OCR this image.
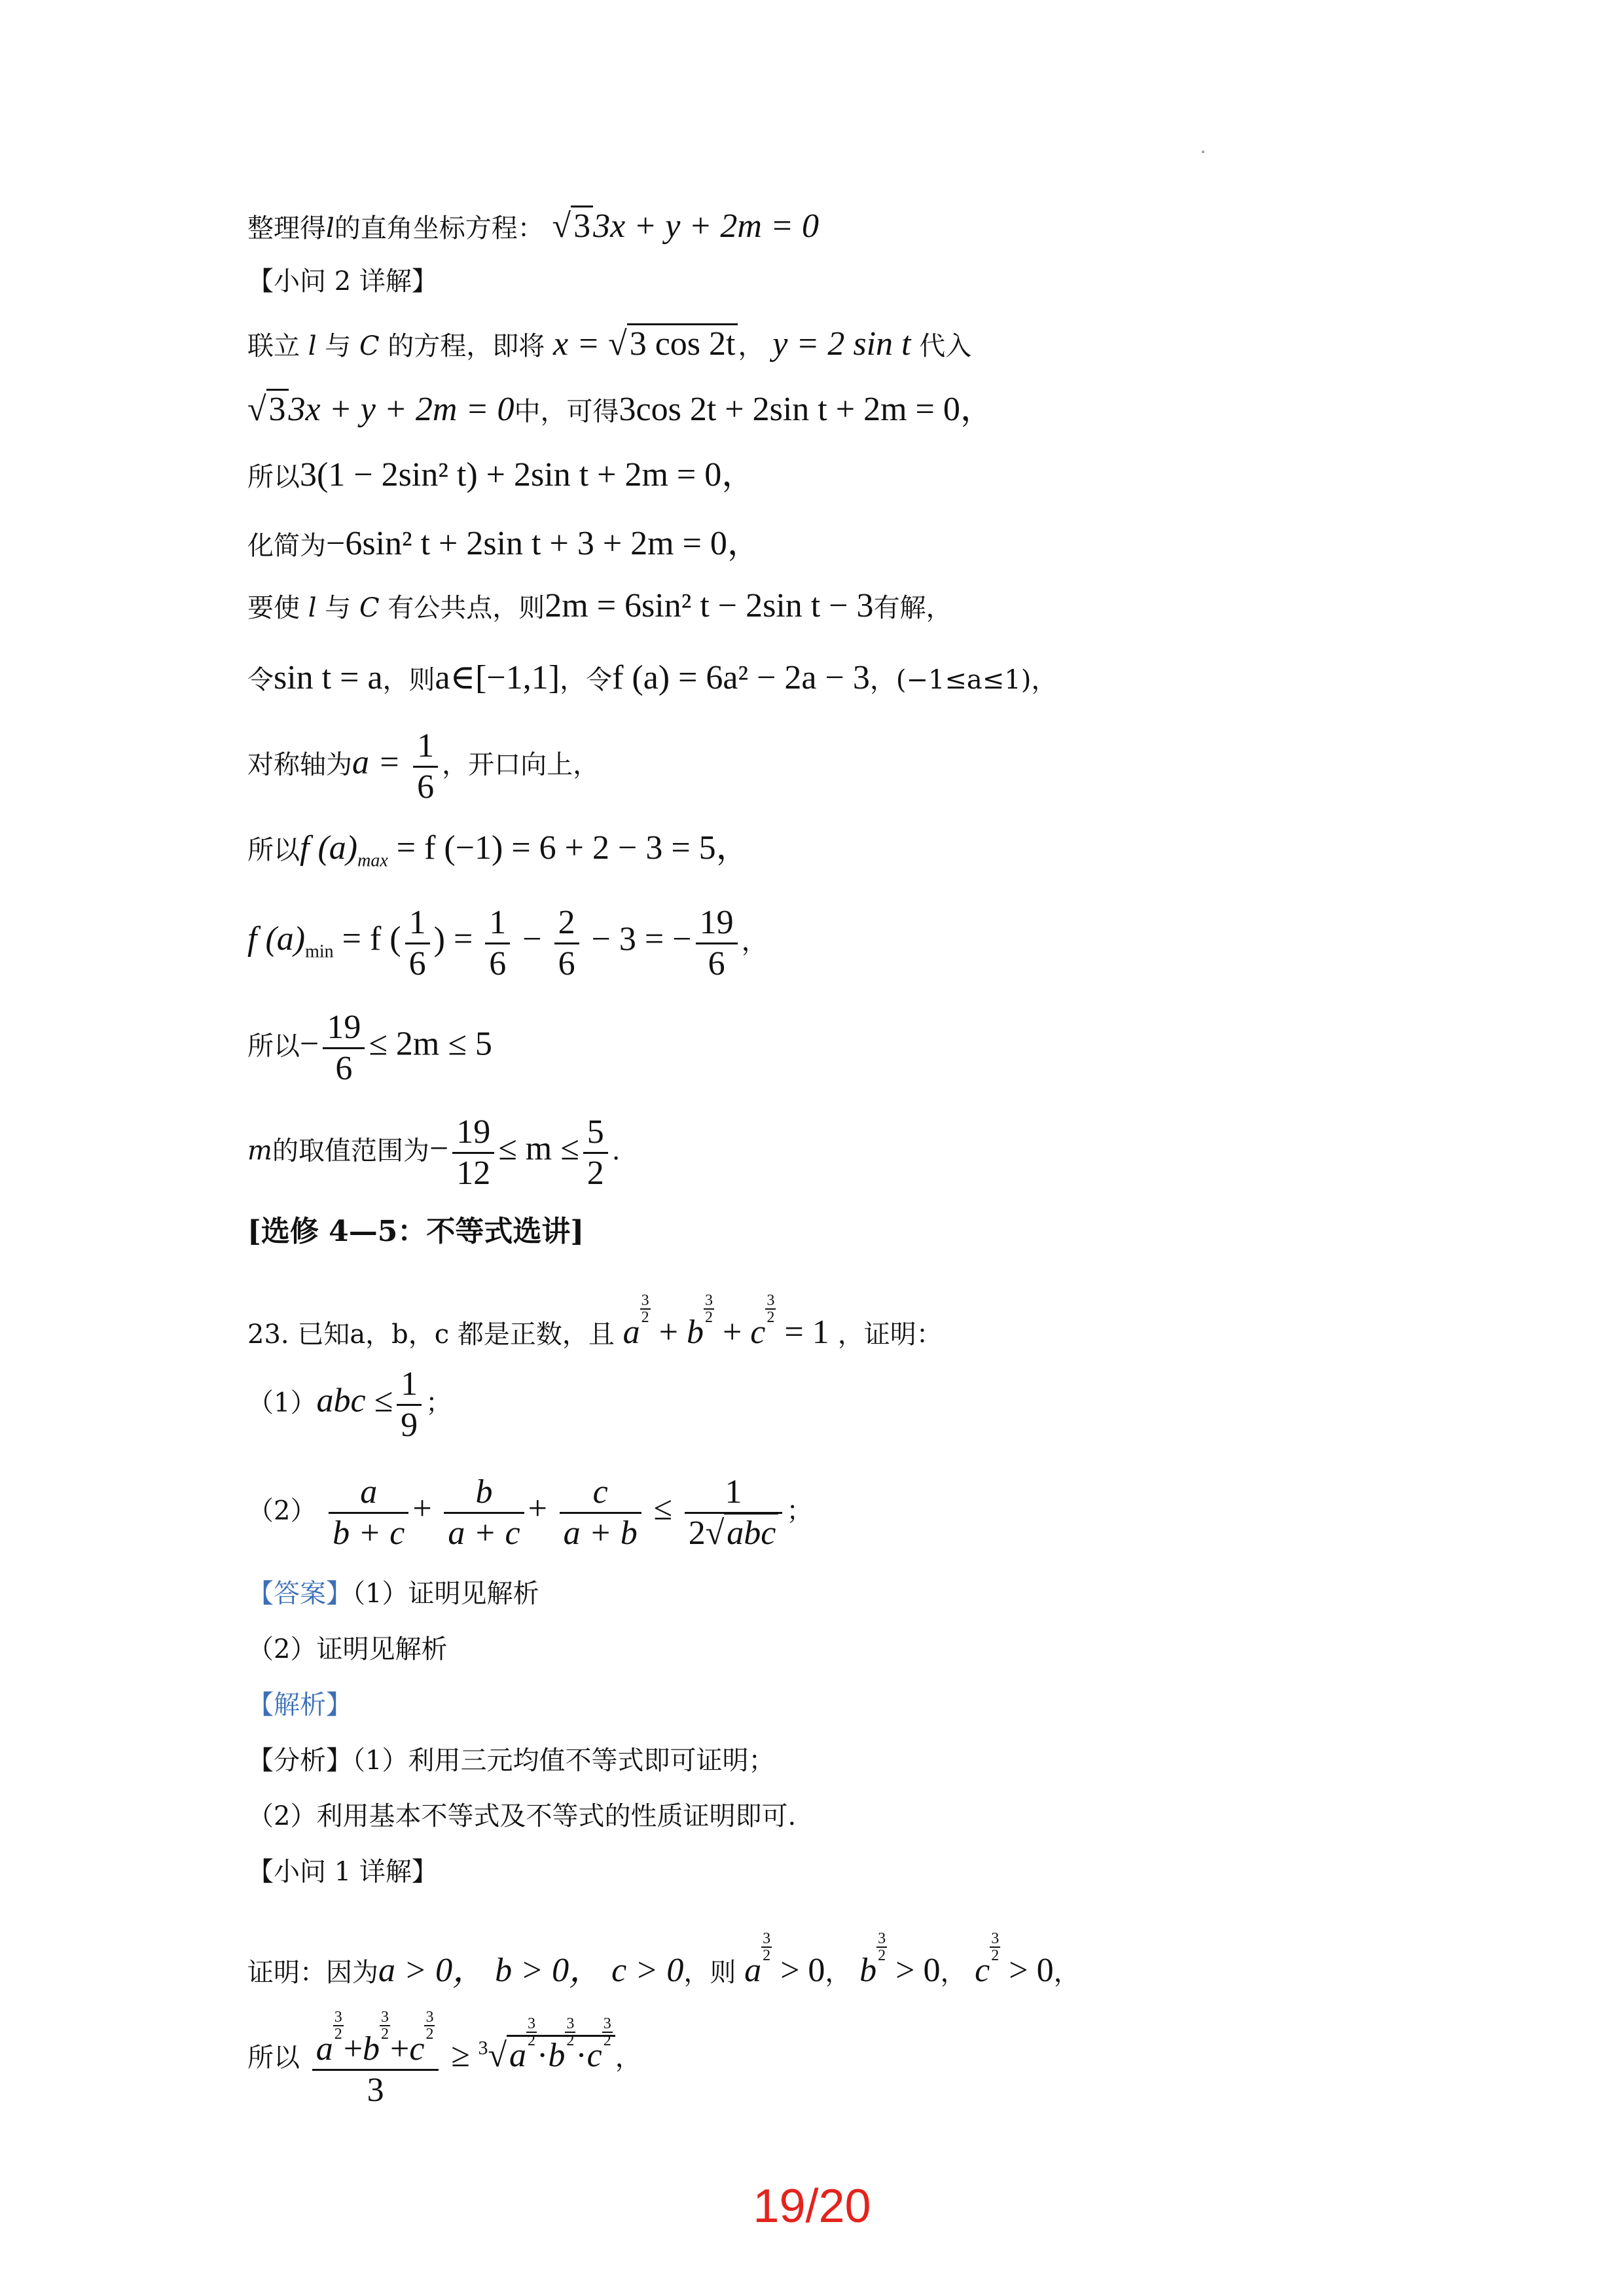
整理得l的直角坐标方程： √33x + y + 2m = 0
【小问 2 详解】
联立 l 与 C 的方程，即将 x = √3 cos 2t ， y = 2 sin t 代入
√33x + y + 2m = 0中，可得3cos 2t + 2sin t + 2m = 0，
所以3(1 − 2sin² t) + 2sin t + 2m = 0，
化简为−6sin² t + 2sin t + 3 + 2m = 0，
要使 l 与 C 有公共点，则2m = 6sin² t − 2sin t − 3有解，
令sin t = a，则a∈[−1,1]，令f (a) = 6a² − 2a − 3，(−1≤a≤1)，
对称轴为$a = \frac{1}{6}$ ，开口向上，
所以f $(a)_{max} = f$ (−1) = 6 + 2 − 3 = 5，
f $(a)_{min} = f$ ( $\frac{1}{6}$ ) = $\frac{1}{6} - \frac{2}{6} - 3$ = − $\frac{19}{6}$ ，
所以− $\frac{19}{6} \le 2m \le 5$
m的取值范围为− $\frac{19}{12} \le m \le \frac{5}{2}$ .
[选修 4—5：不等式选讲]
23. 已知a，b，c 都是正数，且 a
$\frac{3}{2}$
+ b
$\frac{3}{2}$
+ c
$\frac{3}{2}$
= 1 ，证明：
$(1)abc \le \frac{1}{9}$ ；
$(2) \frac{a}{b + c} + \frac{b}{a + c} + \frac{c}{a + b} \le \frac{1}{\text{2√abc}}$ ；
【答案】（1）证明见解析
（2）证明见解析
【解析】
【分析】（1）利用三元均值不等式即可证明；
（2）利用基本不等式及不等式的性质证明即可.
【小问 1 详解】
证明：因为a > 0， b > 0， c > 0，则 a
$\frac{3}{2}$
> 0， b
$\frac{3}{2}$
> 0， c
$\frac{3}{2}$
> 0，
所以 a
$\frac{3}{2}$
+b
$\frac{3}{2}$
+c
$\frac{3}{2}$
3 ≥ $^3$√a
$\frac{3}{2}$
·b
$\frac{3}{2}$
·c
$\frac{3}{2}$
，
19/20
